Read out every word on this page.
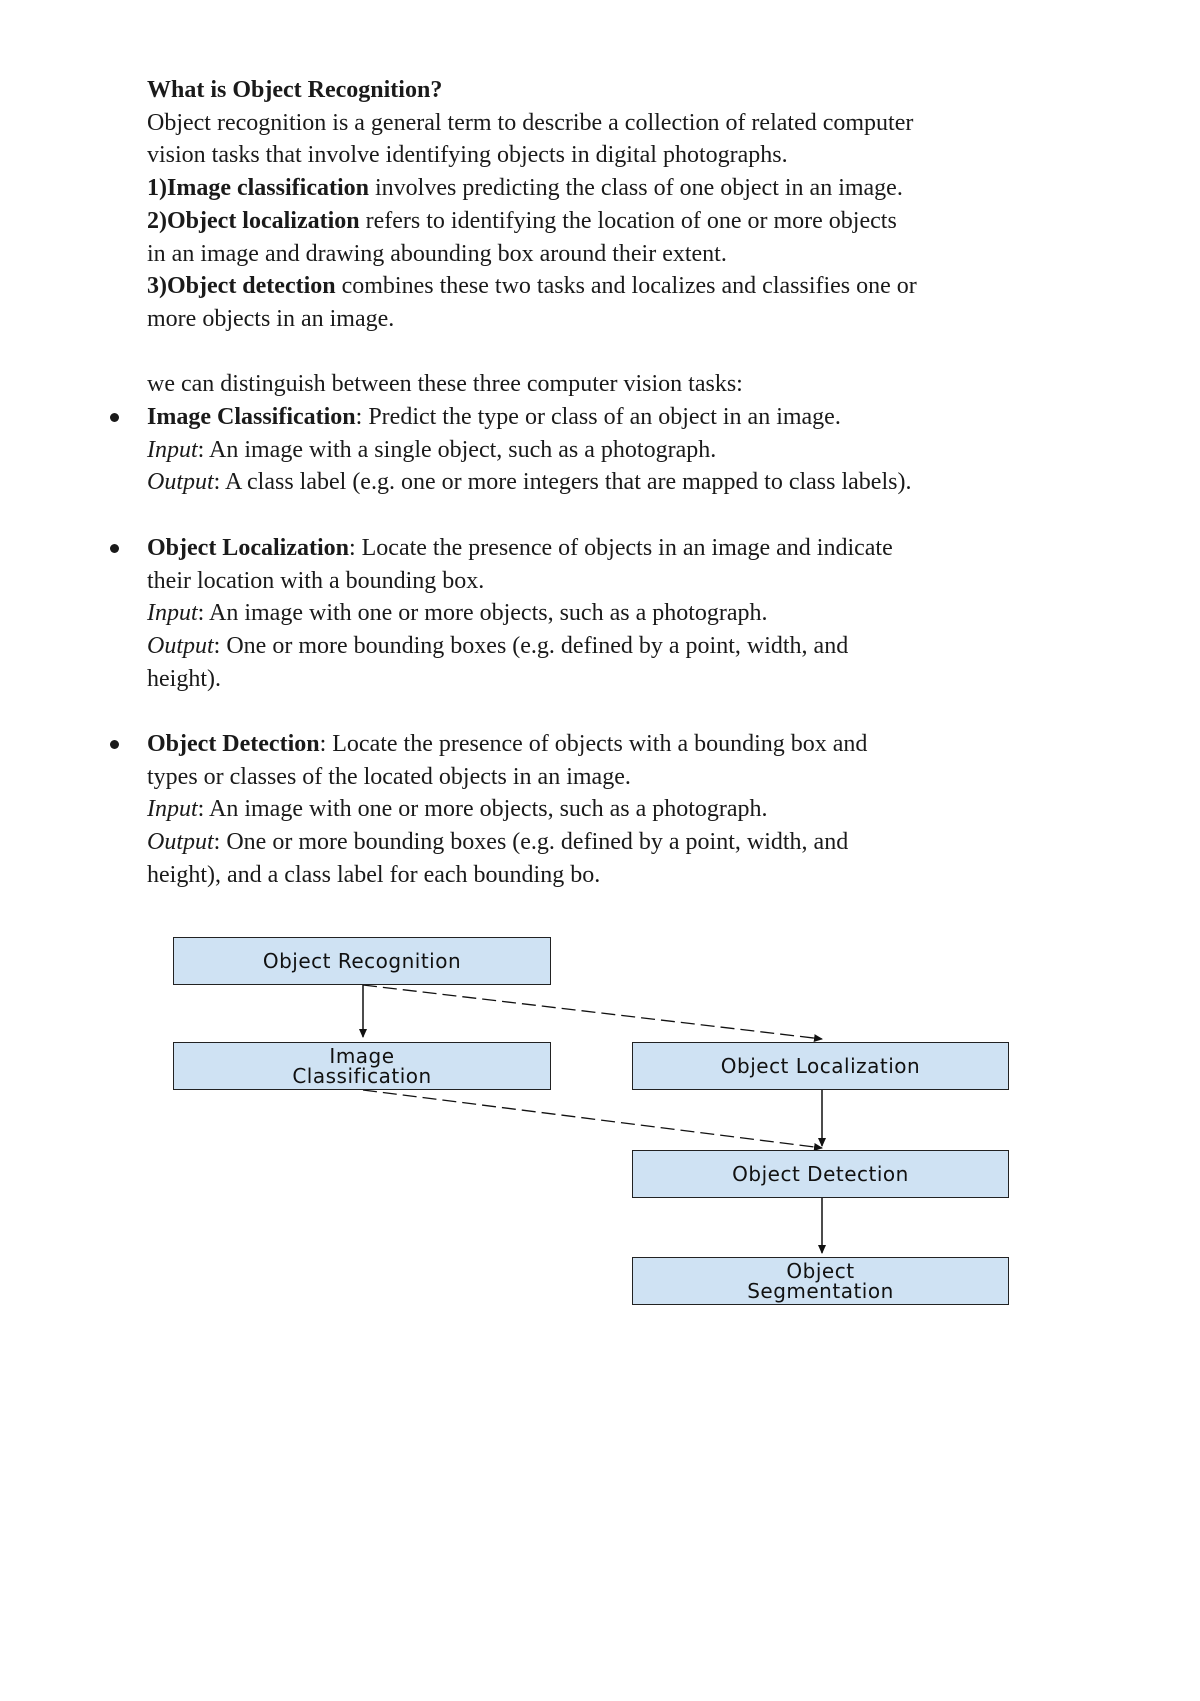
What is Object Recognition?
Object recognition is a general term to describe a collection of related computer
vision tasks that involve identifying objects in digital photographs.
1)Image classification involves predicting the class of one object in an image.
2)Object localization refers to identifying the location of one or more objects
in an image and drawing abounding box around their extent.
3)Object detection combines these two tasks and localizes and classifies one or
more objects in an image.
we can distinguish between these three computer vision tasks:
Image Classification: Predict the type or class of an object in an image.
Input: An image with a single object, such as a photograph.
Output: A class label (e.g. one or more integers that are mapped to class labels).
Object Localization: Locate the presence of objects in an image and indicate
their location with a bounding box.
Input: An image with one or more objects, such as a photograph.
Output: One or more bounding boxes (e.g. defined by a point, width, and
height).
Object Detection: Locate the presence of objects with a bounding box and
types or classes of the located objects in an image.
Input: An image with one or more objects, such as a photograph.
Output: One or more bounding boxes (e.g. defined by a point, width, and
height), and a class label for each bounding bo.
Object Recognition
Image
Classification	Object Localization
Object Detection
Object
Segmentation
